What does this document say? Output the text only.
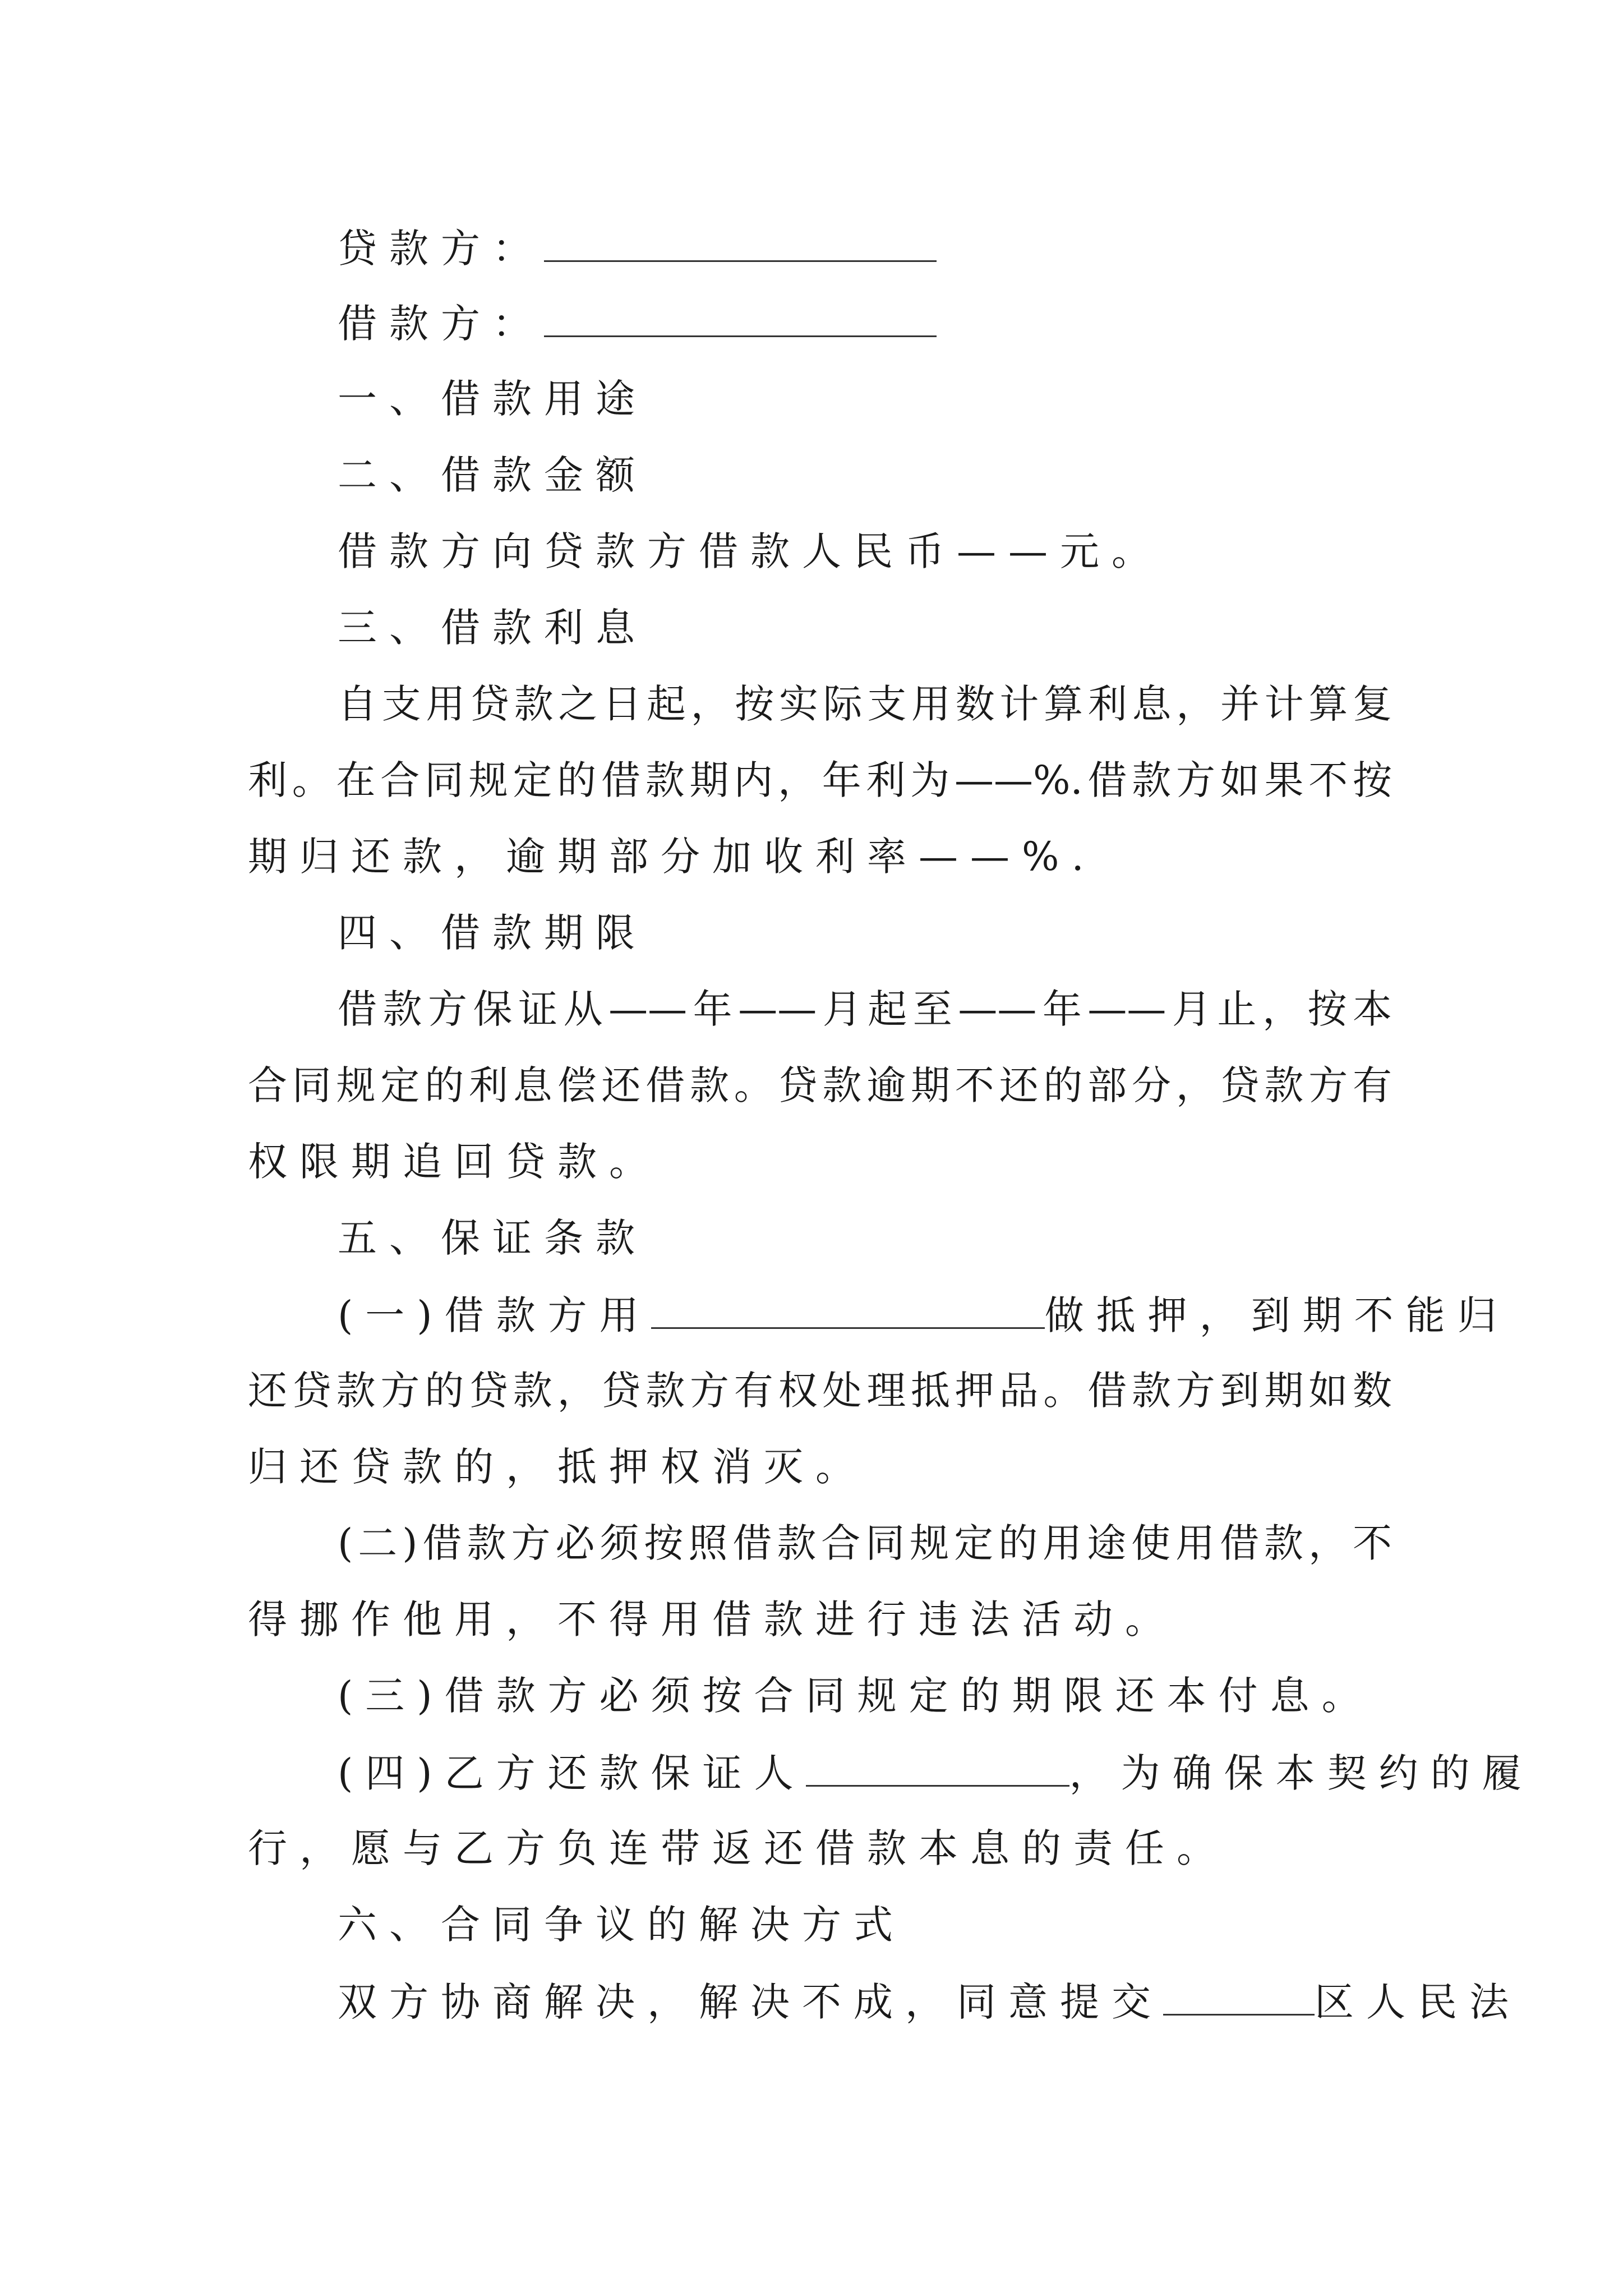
贷款方：
借款方：
一、借款用途
二、借款金额
借款方向贷款方借款人民币——元。
三、借款利息
自支用贷款之日起，按实际支用数计算利息，并计算复
利。在合同规定的借款期内，年利为——%.借款方如果不按
期归还款，逾期部分加收利率——%.
四、借款期限
借款方保证从——年——月起至——年——月止，按本
合同规定的利息偿还借款。贷款逾期不还的部分，贷款方有
权限期追回贷款。
五、保证条款
(一)借款方用	做抵押，到期不能归
还贷款方的贷款，贷款方有权处理抵押品。借款方到期如数
归还贷款的，抵押权消灭。
(二)借款方必须按照借款合同规定的用途使用借款，不
得挪作他用，不得用借款进行违法活动。
(三)借款方必须按合同规定的期限还本付息。
(四)乙方还款保证人	，为确保本契约的履
行，愿与乙方负连带返还借款本息的责任。
六、合同争议的解决方式
双方协商解决，解决不成，同意提交	区人民法
